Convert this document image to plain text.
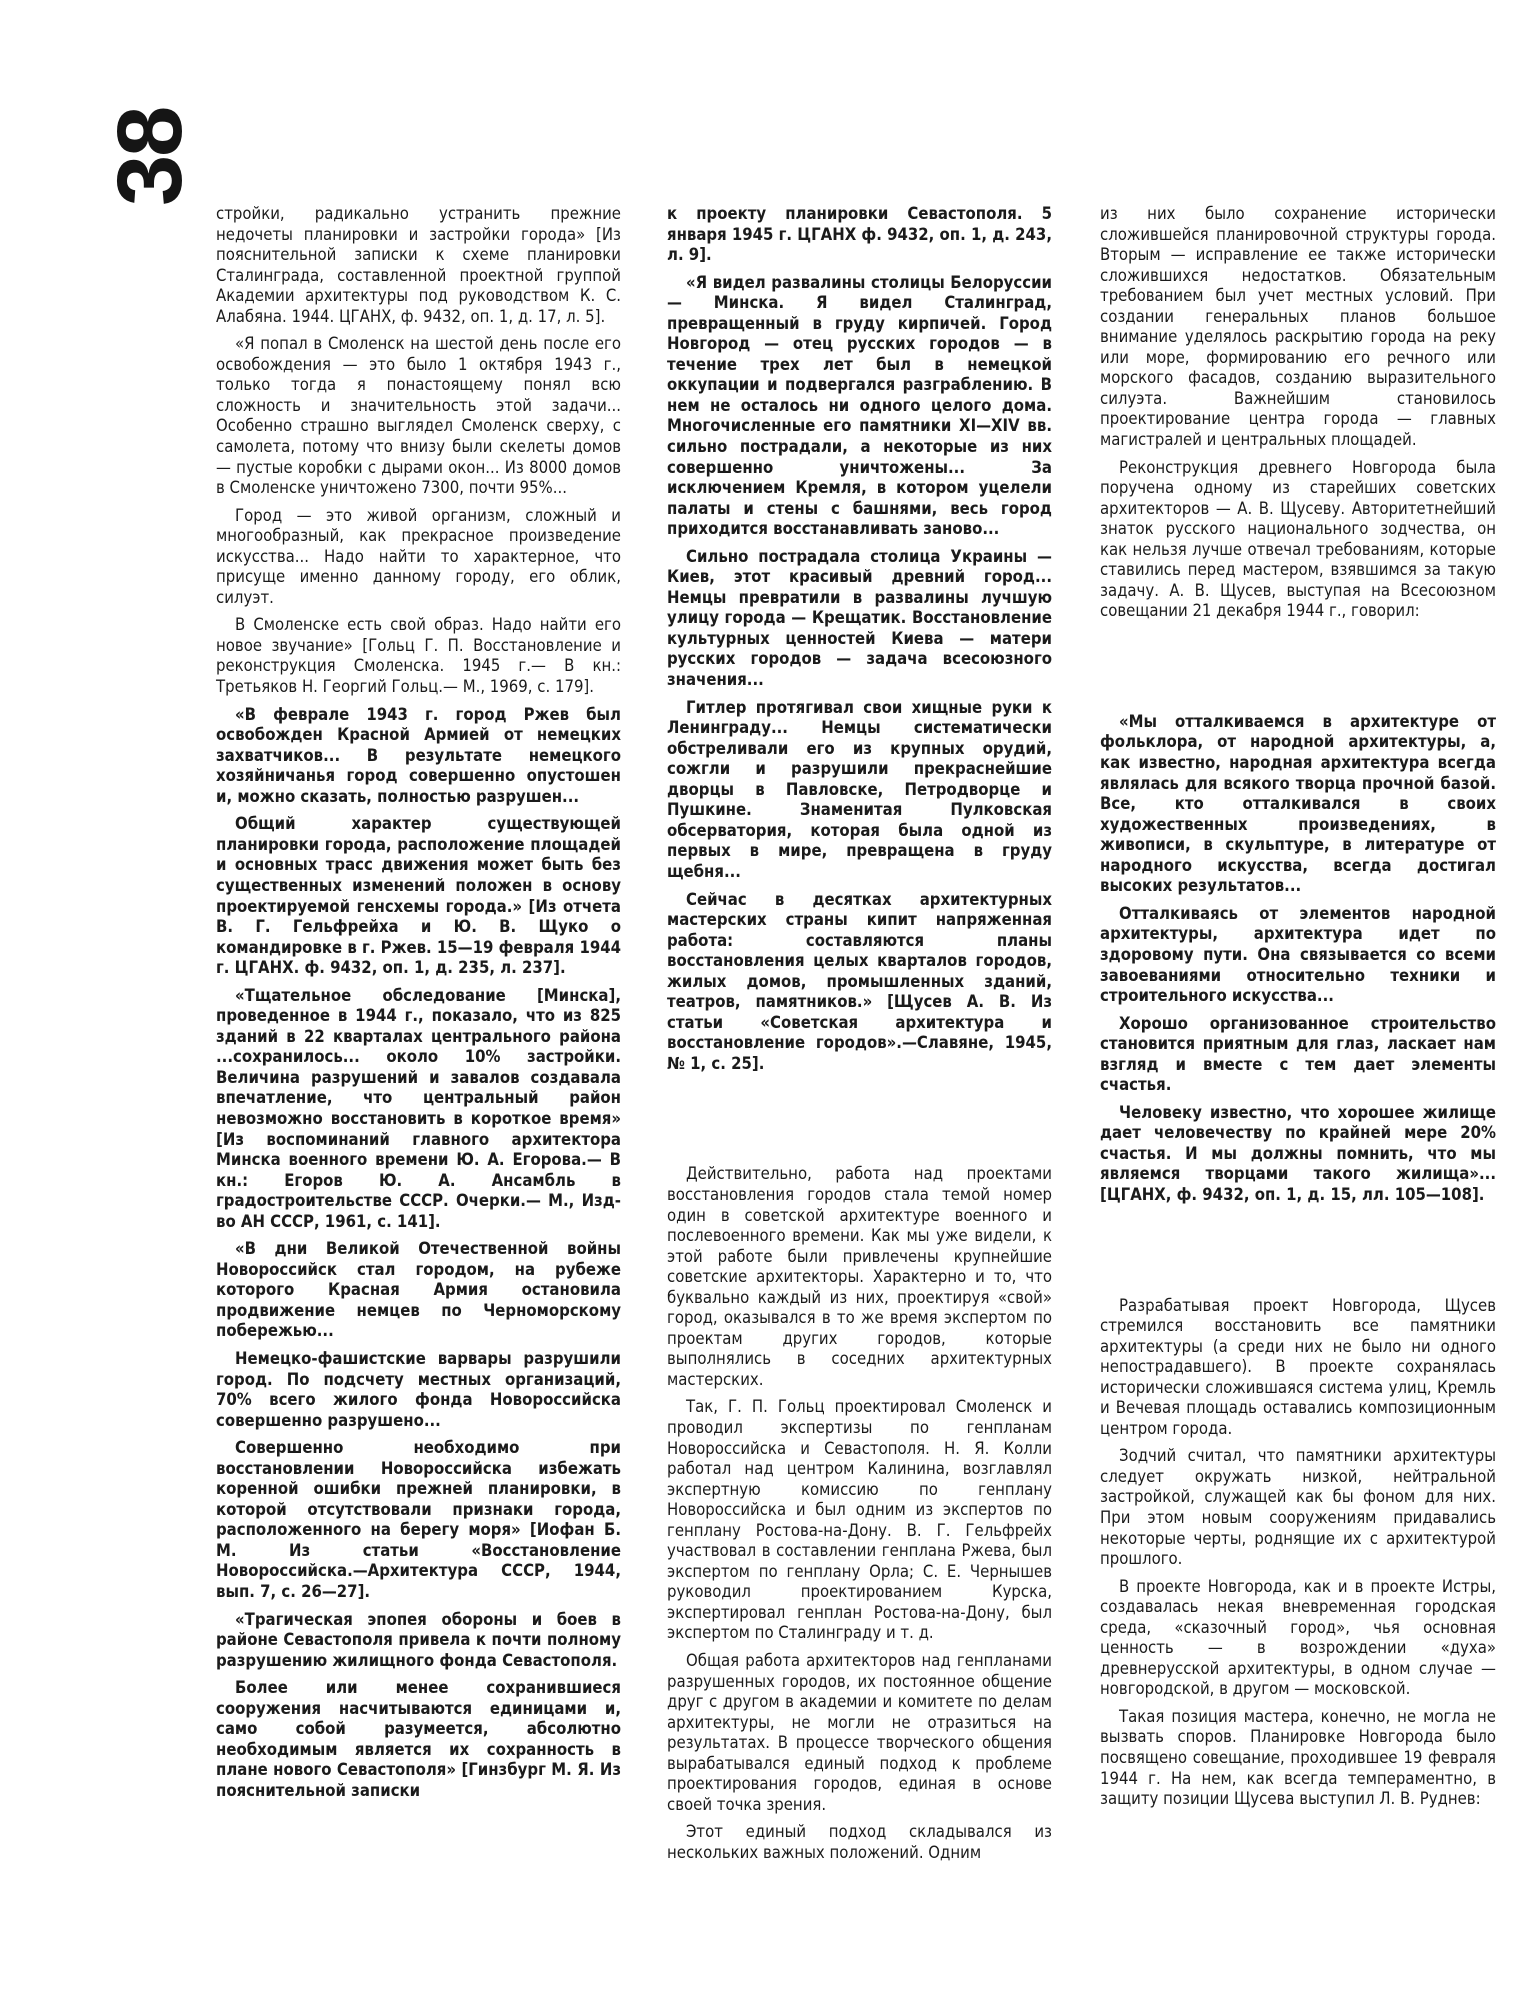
38

стройки, радикально устранить прежние недочеты планировки и застройки города» [Из пояснительной записки к схеме планировки Сталинграда, составленной проектной группой Академии архитектуры под руководством К. С. Алабяна. 1944. ЦГАНХ, ф. 9432, оп. 1, д. 17, л. 5].

«Я попал в Смоленск на шестой день после его освобождения — это было 1 октября 1943 г., только тогда я понастоящему понял всю сложность и значительность этой задачи... Особенно страшно выглядел Смоленск сверху, с самолета, потому что внизу были скелеты домов — пустые коробки с дырами окон... Из 8000 домов в Смоленске уничтожено 7300, почти 95%...

Город — это живой организм, сложный и многообразный, как прекрасное произведение искусства... Надо найти то характерное, что присуще именно данному городу, его облик, силуэт.

В Смоленске есть свой образ. Надо найти его новое звучание» [Гольц Г. П. Восстановление и реконструкция Смоленска. 1945 г.— В кн.: Третьяков Н. Георгий Гольц.— М., 1969, с. 179].

«В феврале 1943 г. город Ржев был освобожден Красной Армией от немецких захватчиков... В результате немецкого хозяйничанья город совершенно опустошен и, можно сказать, полностью разрушен...

Общий характер существующей планировки города, расположение площадей и основных трасс движения может быть без существенных изменений положен в основу проектируемой генсхемы города.» [Из отчета В. Г. Гельфрейха и Ю. В. Щуко о командировке в г. Ржев. 15—19 февраля 1944 г. ЦГАНХ. ф. 9432, оп. 1, д. 235, л. 237].

«Тщательное обследование [Минска], проведенное в 1944 г., показало, что из 825 зданий в 22 кварталах центрального района ...сохранилось... около 10% застройки. Величина разрушений и завалов создавала впечатление, что центральный район невозможно восстановить в короткое время» [Из воспоминаний главного архитектора Минска военного времени Ю. А. Егорова.— В кн.: Егоров Ю. А. Ансамбль в градостроительстве СССР. Очерки.— М., Изд-во АН СССР, 1961, с. 141].

«В дни Великой Отечественной войны Новороссийск стал городом, на рубеже которого Красная Армия остановила продвижение немцев по Черноморскому побережью...

Немецко-фашистские варвары разрушили город. По подсчету местных организаций, 70% всего жилого фонда Новороссийска совершенно разрушено...

Совершенно необходимо при восстановлении Новороссийска избежать коренной ошибки прежней планировки, в которой отсутствовали признаки города, расположенного на берегу моря» [Иофан Б. М. Из статьи «Восстановление Новороссийска.—Архитектура СССР, 1944, вып. 7, с. 26—27].

«Трагическая эпопея обороны и боев в районе Севастополя привела к почти полному разрушению жилищного фонда Севастополя.

Более или менее сохранившиеся сооружения насчитываются единицами и, само собой разумеется, абсолютно необходимым является их сохранность в плане нового Севастополя» [Гинзбург М. Я. Из пояснительной записки

к проекту планировки Севастополя. 5 января 1945 г. ЦГАНХ ф. 9432, оп. 1, д. 243, л. 9].

«Я видел развалины столицы Белоруссии — Минска. Я видел Сталинград, превращенный в груду кирпичей. Город Новгород — отец русских городов — в течение трех лет был в немецкой оккупации и подвергался разграблению. В нем не осталось ни одного целого дома. Многочисленные его памятники XI—XIV вв. сильно пострадали, а некоторые из них совершенно уничтожены... За исключением Кремля, в котором уцелели палаты и стены с башнями, весь город приходится восстанавливать заново...

Сильно пострадала столица Украины — Киев, этот красивый древний город... Немцы превратили в развалины лучшую улицу города — Крещатик. Восстановление культурных ценностей Киева — матери русских городов — задача всесоюзного значения...

Гитлер протягивал свои хищные руки к Ленинграду... Немцы систематически обстреливали его из крупных орудий, сожгли и разрушили прекраснейшие дворцы в Павловске, Петродворце и Пушкине. Знаменитая Пулковская обсерватория, которая была одной из первых в мире, превращена в груду щебня...

Сейчас в десятках архитектурных мастерских страны кипит напряженная работа: составляются планы восстановления целых кварталов городов, жилых домов, промышленных зданий, театров, памятников.» [Щусев А. В. Из статьи «Советская архитектура и восстановление городов».—Славяне, 1945, № 1, с. 25].

Действительно, работа над проектами восстановления городов стала темой номер один в советской архитектуре военного и послевоенного времени. Как мы уже видели, к этой работе были привлечены крупнейшие советские архитекторы. Характерно и то, что буквально каждый из них, проектируя «свой» город, оказывался в то же время экспертом по проектам других городов, которые выполнялись в соседних архитектурных мастерских.

Так, Г. П. Гольц проектировал Смоленск и проводил экспертизы по генпланам Новороссийска и Севастополя. Н. Я. Колли работал над центром Калинина, возглавлял экспертную комиссию по генплану Новороссийска и был одним из экспертов по генплану Ростова-на-Дону. В. Г. Гельфрейх участвовал в составлении генплана Ржева, был экспертом по генплану Орла; С. Е. Чернышев руководил проектированием Курска, экспертировал генплан Ростова-на-Дону, был экспертом по Сталинграду и т. д.

Общая работа архитекторов над генпланами разрушенных городов, их постоянное общение друг с другом в академии и комитете по делам архитектуры, не могли не отразиться на результатах. В процессе творческого общения вырабатывался единый подход к проблеме проектирования городов, единая в основе своей точка зрения.

Этот единый подход складывался из нескольких важных положений. Одним

из них было сохранение исторически сложившейся планировочной структуры города. Вторым — исправление ее также исторически сложившихся недостатков. Обязательным требованием был учет местных условий. При создании генеральных планов большое внимание уделялось раскрытию города на реку или море, формированию его речного или морского фасадов, созданию выразительного силуэта. Важнейшим становилось проектирование центра города — главных магистралей и центральных площадей.

Реконструкция древнего Новгорода была поручена одному из старейших советских архитекторов — А. В. Щусеву. Авторитетнейший знаток русского национального зодчества, он как нельзя лучше отвечал требованиям, которые ставились перед мастером, взявшимся за такую задачу. А. В. Щусев, выступая на Всесоюзном совещании 21 декабря 1944 г., говорил:

«Мы отталкиваемся в архитектуре от фольклора, от народной архитектуры, а, как известно, народная архитектура всегда являлась для всякого творца прочной базой. Все, кто отталкивался в своих художественных произведениях, в живописи, в скульптуре, в литературе от народного искусства, всегда достигал высоких результатов...

Отталкиваясь от элементов народной архитектуры, архитектура идет по здоровому пути. Она связывается со всеми завоеваниями относительно техники и строительного искусства...

Хорошо организованное строительство становится приятным для глаз, ласкает нам взгляд и вместе с тем дает элементы счастья.

Человеку известно, что хорошее жилище дает человечеству по крайней мере 20% счастья. И мы должны помнить, что мы являемся творцами такого жилища»... [ЦГАНХ, ф. 9432, оп. 1, д. 15, лл. 105—108].

Разрабатывая проект Новгорода, Щусев стремился восстановить все памятники архитектуры (а среди них не было ни одного непострадавшего). В проекте сохранялась исторически сложившаяся система улиц, Кремль и Вечевая площадь оставались композиционным центром города.

Зодчий считал, что памятники архитектуры следует окружать низкой, нейтральной застройкой, служащей как бы фоном для них. При этом новым сооружениям придавались некоторые черты, роднящие их с архитектурой прошлого.

В проекте Новгорода, как и в проекте Истры, создавалась некая вневременная городская среда, «сказочный город», чья основная ценность — в возрождении «духа» древнерусской архитектуры, в одном случае — новгородской, в другом — московской.

Такая позиция мастера, конечно, не могла не вызвать споров. Планировке Новгорода было посвящено совещание, проходившее 19 февраля 1944 г. На нем, как всегда темпераментно, в защиту позиции Щусева выступил Л. В. Руднев:
